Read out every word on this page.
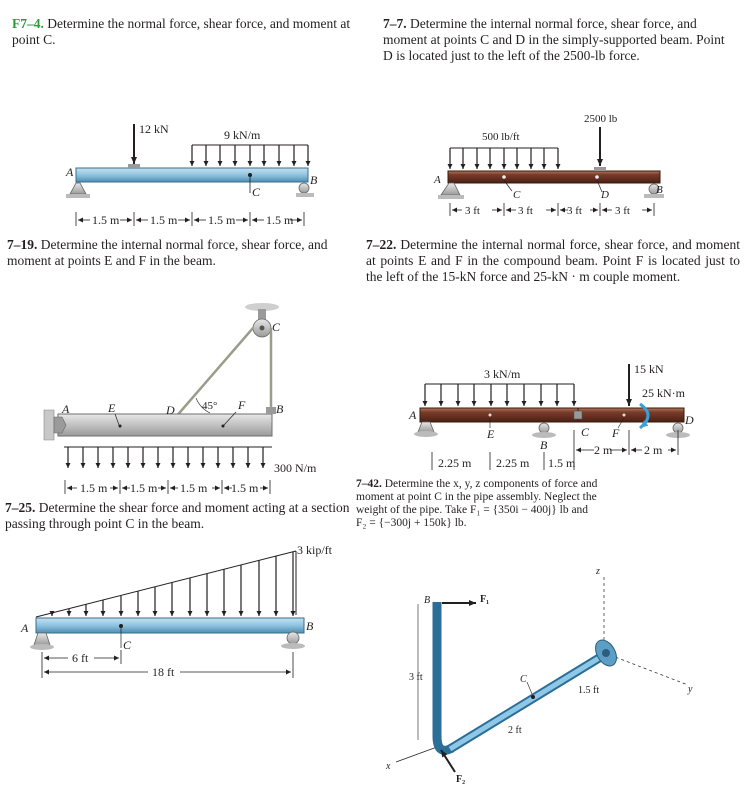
F7–4. Determine the normal force, shear force, and moment at point C.
7–7. Determine the internal normal force, shear force, and moment at points C and D in the simply-supported beam. Point D is located just to the left of the 2500-lb force.
7–19. Determine the internal normal force, shear force, and moment at points E and F in the beam.
7–22. Determine the internal normal force, shear force, and moment at points E and F in the compound beam. Point F is located just to the left of the 15-kN force and 25-kN · m couple moment.
7–25. Determine the shear force and moment acting at a section passing through point C in the beam.
7–42. Determine the x, y, z components of force and
moment at point C in the pipe assembly. Neglect the
weight of the pipe. Take F₁ = {350i − 400j} lb and
F₂ = {−300j + 150k} lb.
12 kN	9 kN/m
C
A
B
1.5 m	1.5 m	1.5 m	1.5 m
2500 lb
500 lb/ft
C	D
A
B
3 ft	3 ft	3 ft	3 ft
C
A	B
E	D 45° F
300 N/m
1.5 m 1.5 m 1.5 m 1.5 m
3 kN/m	15 kN
25 kN·m
E	F
C
A
B
D
2 m	2 m
2.25 m 2.25 m 1.5 m
3 kip/ft
C
A	B
6 ft
18 ft
z
y
x
C
B	F₁
F₂
3 ft
2 ft
1.5 ft
